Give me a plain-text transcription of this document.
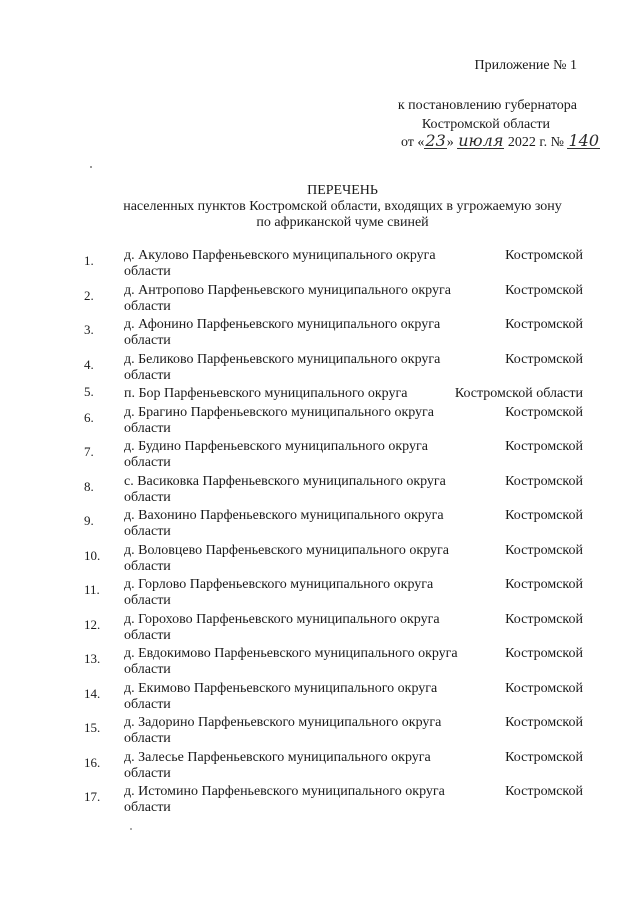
Приложение № 1
к постановлению губернатора
Костромской области
от «23» июля 2022 г. № 140
ПЕРЕЧЕНЬ
населенных пунктов Костромской области, входящих в угрожаемую зону
по африканской чуме свиней
1.	д. Акулово Парфеньевского муниципального округа	Костромской
области
2.	д. Антропово Парфеньевского муниципального округа	Костромской
области
3.	д. Афонино Парфеньевского муниципального округа	Костромской
области
4.	д. Беликово Парфеньевского муниципального округа	Костромской
области
5.	п. Бор Парфеньевского муниципального округа	Костромской области
6.	д. Брагино Парфеньевского муниципального округа	Костромской
области
7.	д. Будино Парфеньевского муниципального округа	Костромской
области
8.	с. Васиковка Парфеньевского муниципального округа	Костромской
области
9.	д. Вахонино Парфеньевского муниципального округа	Костромской
области
10.	д. Воловцево Парфеньевского муниципального округа	Костромской
области
11.	д. Горлово Парфеньевского муниципального округа	Костромской
области
12.	д. Горохово Парфеньевского муниципального округа	Костромской
области
13.	д. Евдокимово Парфеньевского муниципального округа	Костромской
области
14.	д. Екимово Парфеньевского муниципального округа	Костромской
области
15.	д. Задорино Парфеньевского муниципального округа	Костромской
области
16.	д. Залесье Парфеньевского муниципального округа	Костромской
области
17.	д. Истомино Парфеньевского муниципального округа	Костромской
области
